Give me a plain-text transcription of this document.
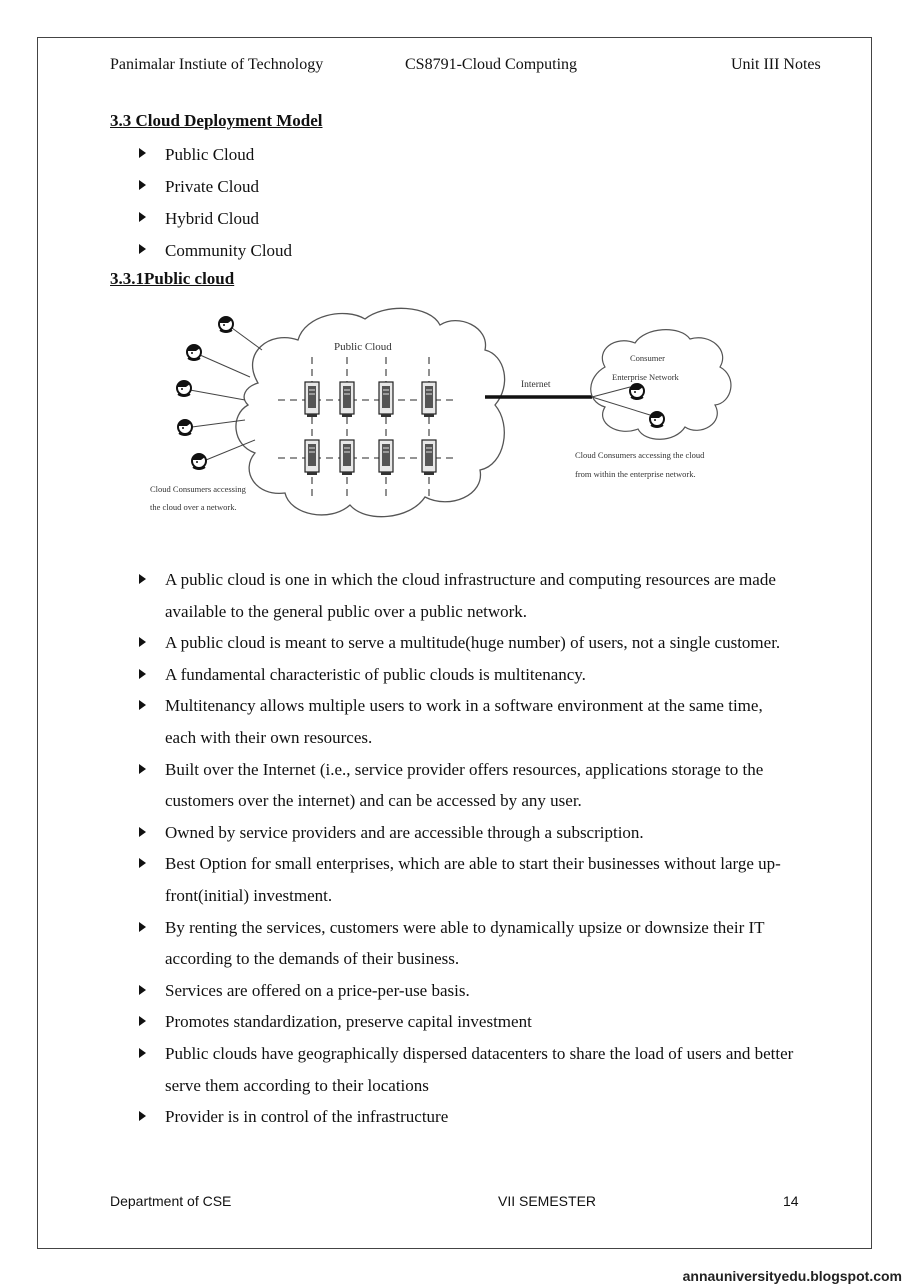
Panimalar Instiute of Technology	CS8791-Cloud Computing	Unit III Notes
3.3 Cloud Deployment Model
Public Cloud
Private Cloud
Hybrid Cloud
Community Cloud
3.3.1Public cloud
Public Cloud
Cloud Consumers accessing
the cloud over a network.
Internet
Consumer
Enterprise Network
Cloud Consumers accessing the cloud
from within the enterprise network.
A public cloud is one in which the cloud infrastructure and computing resources are made available to the general public over a public network.
A public cloud is meant to serve a multitude(huge number) of users, not a single customer.
A fundamental characteristic of public clouds is multitenancy.
Multitenancy allows multiple users to work in a software environment at the same time, each with their own resources.
Built over the Internet (i.e., service provider offers resources, applications storage to the customers over the internet) and can be accessed by any user.
Owned by service providers and are accessible through a subscription.
Best Option for small enterprises, which are able to start their businesses without large up-front(initial) investment.
By renting the services, customers were able to dynamically upsize or downsize their IT according to the demands of their business.
Services are offered on a price-per-use basis.
Promotes standardization, preserve capital investment
Public clouds have geographically dispersed datacenters to share the load of users and better serve them according to their locations
Provider is in control of the infrastructure
Department of CSE	VII SEMESTER	14
annauniversityedu.blogspot.com
